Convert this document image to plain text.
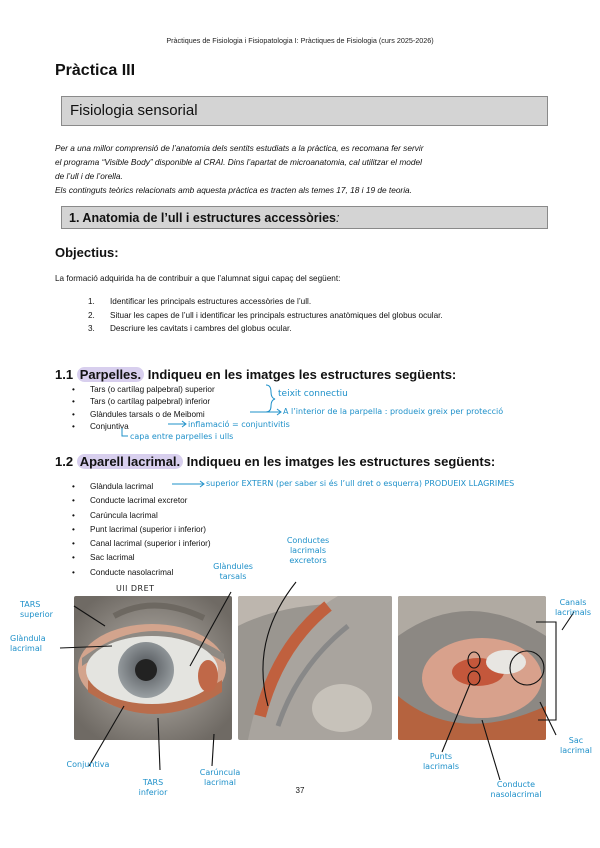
Pràctiques de Fisiologia i Fisiopatologia I: Pràctiques de Fisiologia (curs 2025-2026)
Pràctica III
Fisiologia sensorial
Per a una millor comprensió de l’anatomia dels sentits estudiats a la pràctica, es recomana fer servir
el programa “Visible Body” disponible al CRAI. Dins l’apartat de microanatomia, cal utilitzar el model
de l’ull i de l’orella.
Els continguts teòrics relacionats amb aquesta pràctica es tracten als temes 17, 18 i 19 de teoria.
1. Anatomia de l’ull i estructures accessòries:
Objectius:
La formació adquirida ha de contribuir a que l’alumnat sigui capaç del següent:
1. Identificar les principals estructures accessòries de l’ull.
2. Situar les capes de l’ull i identificar les principals estructures anatòmiques del globus ocular.
3. Descriure les cavitats i cambres del globus ocular.
1.1 Parpelles. Indiqueu en les imatges les estructures següents:
• Tars (o cartílag palpebral) superior
• Tars (o cartílag palpebral) inferior
• Glàndules tarsals o de Meibomi
• Conjuntiva
teixit connectiu
A l’interior de la parpella : produeix greix per protecció
inflamació = conjuntivitis
capa entre parpelles i ulls
1.2 Aparell lacrimal. Indiqueu en les imatges les estructures següents:
• Glàndula lacrimal
• Conducte lacrimal excretor
• Carúncula lacrimal
• Punt lacrimal (superior i inferior)
• Canal lacrimal (superior i inferior)
• Sac lacrimal
• Conducte nasolacrimal
superior EXTERN (per saber si és l’ull dret o esquerra) PRODUEIX LLAGRIMES
Ull DRET
TARS superior
Glàndula lacrimal
Glàndules tarsals
Conductes lacrimals excretors
Conjuntiva
TARS inferior
Carúncula lacrimal
Canals lacrimals
Sac lacrimal
Punts lacrimals
Conducte nasolacrimal
37
